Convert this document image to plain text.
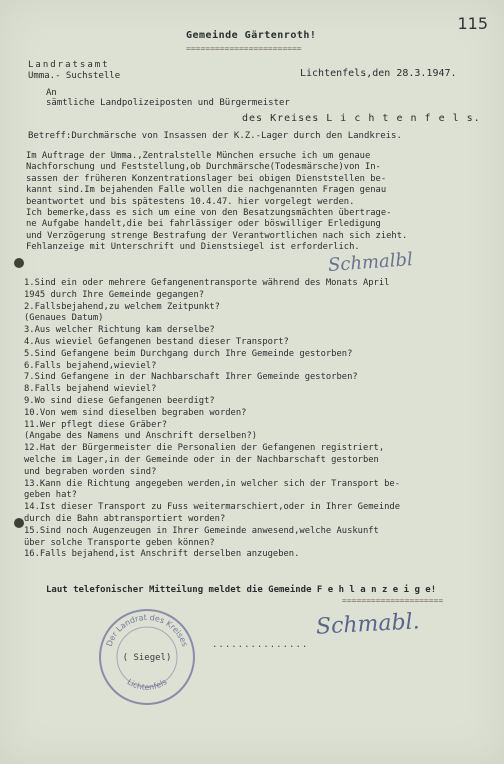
115
Gemeinde Gärtenroth!
========================
Landratsamt
Umma.- Suchstelle	Lichtenfels,den 28.3.1947.
An
sämtliche Landpolizeiposten und Bürgermeister
des Kreises L i c h t e n f e l s.
Betreff:Durchmärsche von Insassen der K.Z.-Lager durch den Landkreis.
Im Auftrage der Umma.,Zentralstelle München ersuche ich um genaue
Nachforschung und Feststellung,ob Durchmärsche(Todesmärsche)von In-
sassen der früheren Konzentrationslager bei obigen Dienststellen be-
kannt sind.Im bejahenden Falle wollen die nachgenannten Fragen genau
beantwortet und bis spätestens 10.4.47. hier vorgelegt werden.
Ich bemerke,dass es sich um eine von den Besatzungsmächten übertrage-
ne Aufgabe handelt,die bei fahrlässiger oder böswilliger Erledigung
und Verzögerung strenge Bestrafung der Verantwortlichen nach sich zieht.
Fehlanzeige mit Unterschrift und Dienstsiegel ist erforderlich.
Schmalbl
1.Sind ein oder mehrere Gefangenentransporte während des Monats April
1945 durch Ihre Gemeinde gegangen?
2.Fallsbejahend,zu welchem Zeitpunkt?
(Genaues Datum)
3.Aus welcher Richtung kam derselbe?
4.Aus wieviel Gefangenen bestand dieser Transport?
5.Sind Gefangene beim Durchgang durch Ihre Gemeinde gestorben?
6.Falls bejahend,wieviel?
7.Sind Gefangene in der Nachbarschaft Ihrer Gemeinde gestorben?
8.Falls bejahend wieviel?
9.Wo sind diese Gefangenen beerdigt?
10.Von wem sind dieselben begraben worden?
11.Wer pflegt diese Gräber?
(Angabe des Namens und Anschrift derselben?)
12.Hat der Bürgermeister die Personalien der Gefangenen registriert,
welche im Lager,in der Gemeinde oder in der Nachbarschaft gestorben
und begraben worden sind?
13.Kann die Richtung angegeben werden,in welcher sich der Transport be-
geben hat?
14.Ist dieser Transport zu Fuss weitermarschiert,oder in Ihrer Gemeinde
durch die Bahn abtransportiert worden?
15.Sind noch Augenzeugen in Ihrer Gemeinde anwesend,welche Auskunft
über solche Transporte geben können?
16.Falls bejahend,ist Anschrift derselben anzugeben.
Laut telefonischer Mitteilung meldet die Gemeinde F e h l a n z e i g e!
=====================
Der Landrat des Kreises
Lichtenfels
( Siegel)
...............
Schmabl.
